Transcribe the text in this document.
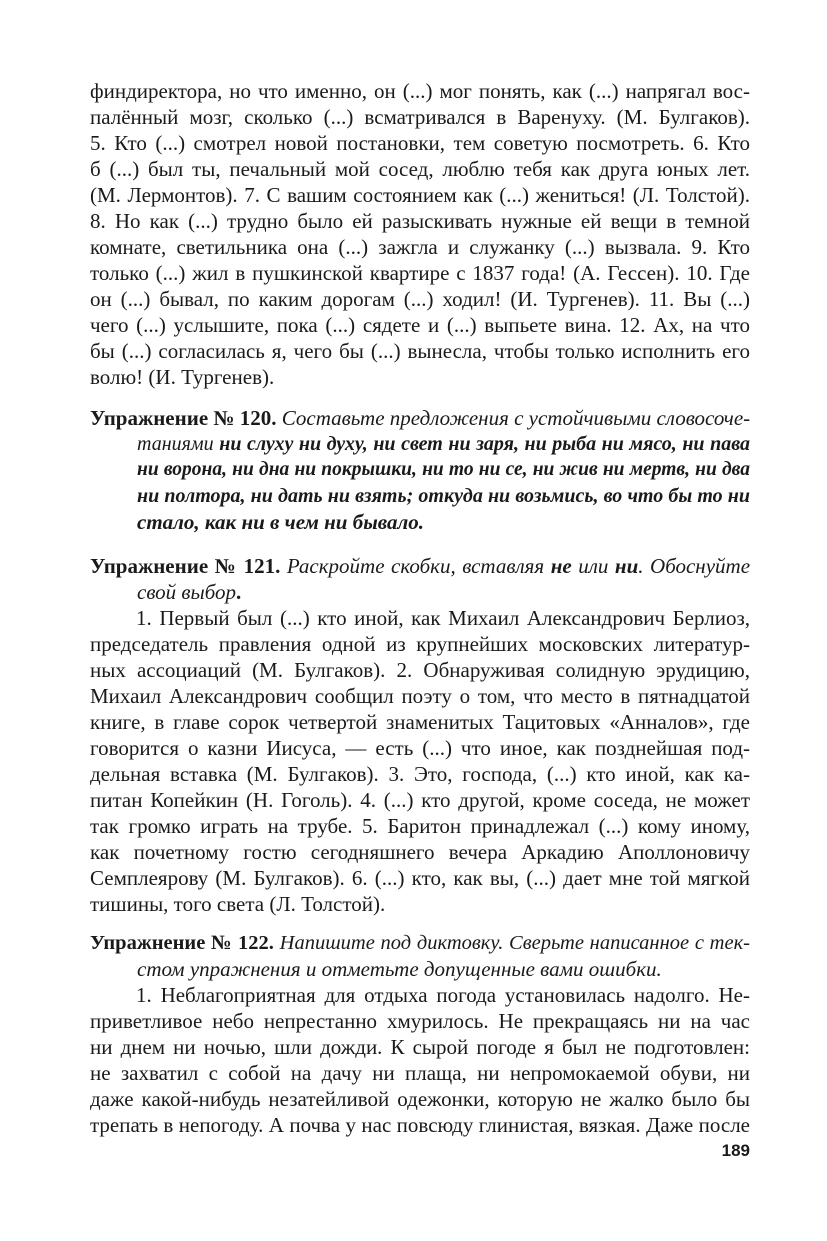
финдиректора, но что именно, он (...) мог понять, как (...) напрягал вос-
палённый мозг, сколько (...) всматривался в Варенуху. (М. Булгаков).
5. Кто (...) смотрел новой постановки, тем советую посмотреть. 6. Кто
б (...) был ты, печальный мой сосед, люблю тебя как друга юных лет.
(М. Лермонтов). 7. С вашим состоянием как (...) жениться! (Л. Толстой).
8. Но как (...) трудно было ей разыскивать нужные ей вещи в темной
комнате, светильника она (...) зажгла и служанку (...) вызвала. 9. Кто
только (...) жил в пушкинской квартире с 1837 года! (А. Гессен). 10. Где
он (...) бывал, по каким дорогам (...) ходил! (И. Тургенев). 11. Вы (...)
чего (...) услышите, пока (...) сядете и (...) выпьете вина. 12. Ах, на что
бы (...) согласилась я, чего бы (...) вынесла, чтобы только исполнить его
волю! (И. Тургенев).
Упражнение № 120. Составьте предложения с устойчивыми словосоче-
таниями ни слуху ни духу, ни свет ни заря, ни рыба ни мясо, ни пава
ни ворона, ни дна ни покрышки, ни то ни се, ни жив ни мертв, ни два
ни полтора, ни дать ни взять; откуда ни возьмись, во что бы то ни
стало, как ни в чем ни бывало.
Упражнение № 121. Раскройте скобки, вставляя не или ни. Обоснуйте
свой выбор.
1. Первый был (...) кто иной, как Михаил Александрович Берлиоз,
председатель правления одной из крупнейших московских литератур-
ных ассоциаций (М. Булгаков). 2. Обнаруживая солидную эрудицию,
Михаил Александрович сообщил поэту о том, что место в пятнадцатой
книге, в главе сорок четвертой знаменитых Тацитовых «Анналов», где
говорится о казни Иисуса, — есть (...) что иное, как позднейшая под-
дельная вставка (М. Булгаков). 3. Это, господа, (...) кто иной, как ка-
питан Копейкин (Н. Гоголь). 4. (...) кто другой, кроме соседа, не может
так громко играть на трубе. 5. Баритон принадлежал (...) кому иному,
как почетному гостю сегодняшнего вечера Аркадию Аполлоновичу
Семплеярову (М. Булгаков). 6. (...) кто, как вы, (...) дает мне той мягкой
тишины, того света (Л. Толстой).
Упражнение № 122. Напишите под диктовку. Сверьте написанное с тек-
стом упражнения и отметьте допущенные вами ошибки.
1. Неблагоприятная для отдыха погода установилась надолго. Не-
приветливое небо непрестанно хмурилось. Не прекращаясь ни на час
ни днем ни ночью, шли дожди. К сырой погоде я был не подготовлен:
не захватил с собой на дачу ни плаща, ни непромокаемой обуви, ни
даже какой-нибудь незатейливой одежонки, которую не жалко было бы
трепать в непогоду. А почва у нас повсюду глинистая, вязкая. Даже после
189
